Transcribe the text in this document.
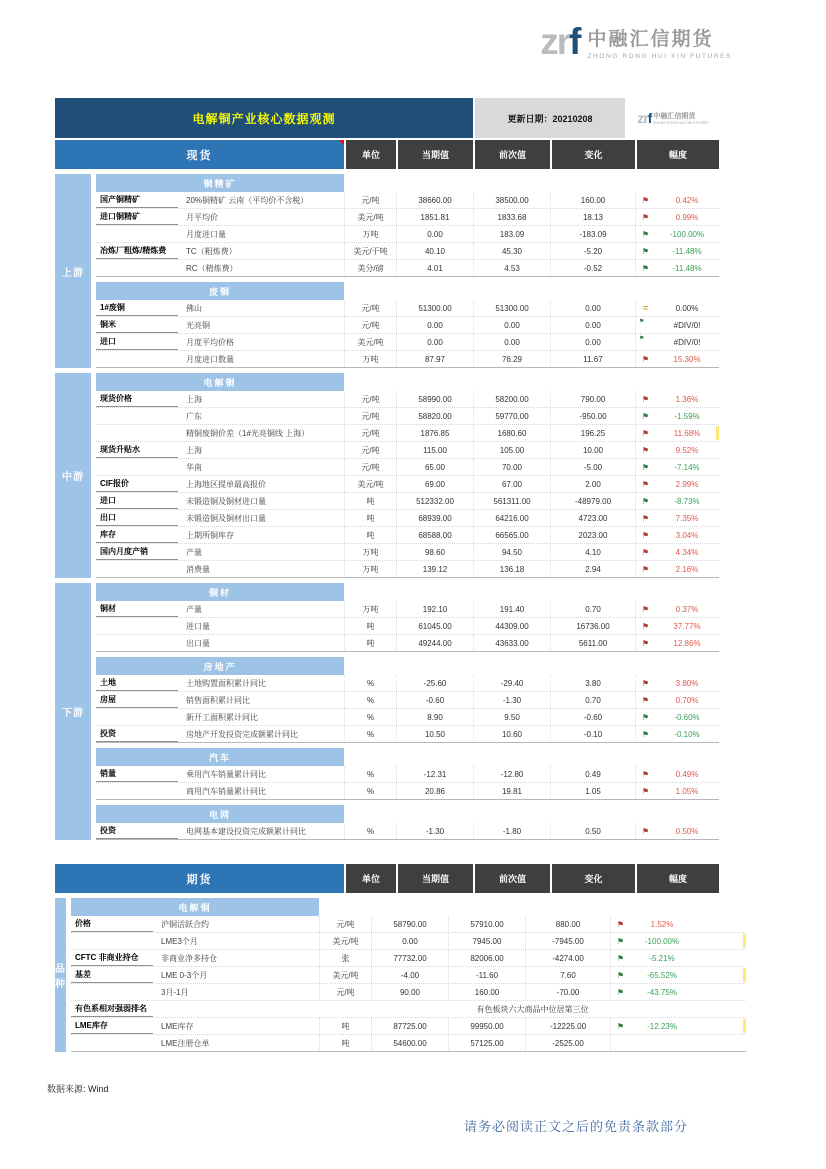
zrf 中融汇信期货
ZHONG RONG HUI XIN FUTURES
电解铜产业核心数据观测	更新日期：20210208	zrf 中融汇信期货
ZHONG RONG HUI XIN FUTURES
现货	单位	当期值	前次值	变化	幅度
上游
铜精矿
国产铜精矿	20%铜精矿 云南（平均价不含税）	元/吨	38660.00	38500.00	160.00	⚑	0.42%
进口铜精矿	月平均价	美元/吨	1851.81	1833.68	18.13	⚑	0.99%
月度进口量	万吨	0.00	183.09	-183.09	⚑	-100.00%
冶炼厂粗炼/精炼费	TC（粗炼费）	美元/干吨	40.10	45.30	-5.20	⚑	-11.48%
RC（精炼费）	美分/磅	4.01	4.53	-0.52	⚑	-11.48%
废铜
1#废铜	佛山	元/吨	51300.00	51300.00	0.00	=	0.00%
铜米	光亮铜	元/吨	0.00	0.00	0.00	⚑	#DIV/0!
进口	月度平均价格	美元/吨	0.00	0.00	0.00	⚑	#DIV/0!
月度进口数量	万吨	87.97	76.29	11.67	⚑	15.30%
中游
电解铜
现货价格	上海	元/吨	58990.00	58200.00	790.00	⚑	1.36%
广东	元/吨	58820.00	59770.00	-950.00	⚑	-1.59%
精铜废铜价差（1#光亮铜线 上海）	元/吨	1876.85	1680.60	196.25	⚑	11.68%
现货升贴水	上海	元/吨	115.00	105.00	10.00	⚑	9.52%
华南	元/吨	65.00	70.00	-5.00	⚑	-7.14%
CIF报价	上海地区提单最高报价	美元/吨	69.00	67.00	2.00	⚑	2.99%
进口	未锻造铜及铜材进口量	吨	512332.00	561311.00	-48979.00	⚑	-8.73%
出口	未锻造铜及铜材出口量	吨	68939.00	64216.00	4723.00	⚑	7.35%
库存	上期所铜库存	吨	68588.00	66565.00	2023.00	⚑	3.04%
国内月度产销	产量	万吨	98.60	94.50	4.10	⚑	4.34%
消费量	万吨	139.12	136.18	2.94	⚑	2.16%
下游
铜材
铜材	产量	万吨	192.10	191.40	0.70	⚑	0.37%
进口量	吨	61045.00	44309.00	16736.00	⚑	37.77%
出口量	吨	49244.00	43633.00	5611.00	⚑	12.86%
房地产
土地	土地购置面积累计同比	%	-25.60	-29.40	3.80	⚑	3.80%
房屋	销售面积累计同比	%	-0.60	-1.30	0.70	⚑	0.70%
新开工面积累计同比	%	8.90	9.50	-0.60	⚑	-0.60%
投资	房地产开发投资完成额累计同比	%	10.50	10.60	-0.10	⚑	-0.10%
汽车
销量	乘用汽车销量累计同比	%	-12.31	-12.80	0.49	⚑	0.49%
商用汽车销量累计同比	%	20.86	19.81	1.05	⚑	1.05%
电网
投资	电网基本建设投资完成额累计同比	%	-1.30	-1.80	0.50	⚑	0.50%
期货	单位	当期值	前次值	变化	幅度
品种
电解铜
价格	沪铜活跃合约	元/吨	58790.00	57910.00	880.00	⚑	1.52%
LME3个月	美元/吨	0.00	7945.00	-7945.00	⚑	-100.00%
CFTC 非商业持仓	非商业净多持仓	张	77732.00	82006.00	-4274.00	⚑	-5.21%
基差	LME 0-3个月	美元/吨	-4.00	-11.60	7.60	⚑	-65.52%
3月-1月	元/吨	90.00	160.00	-70.00	⚑	-43.75%
有色系相对强弱排名	有色板块六大商品中位居第三位
LME库存	LME库存	吨	87725.00	99950.00	-12225.00	⚑	-12.23%
LME注册仓单	吨	54600.00	57125.00	-2525.00
数据来源: Wind
请务必阅读正文之后的免责条款部分
